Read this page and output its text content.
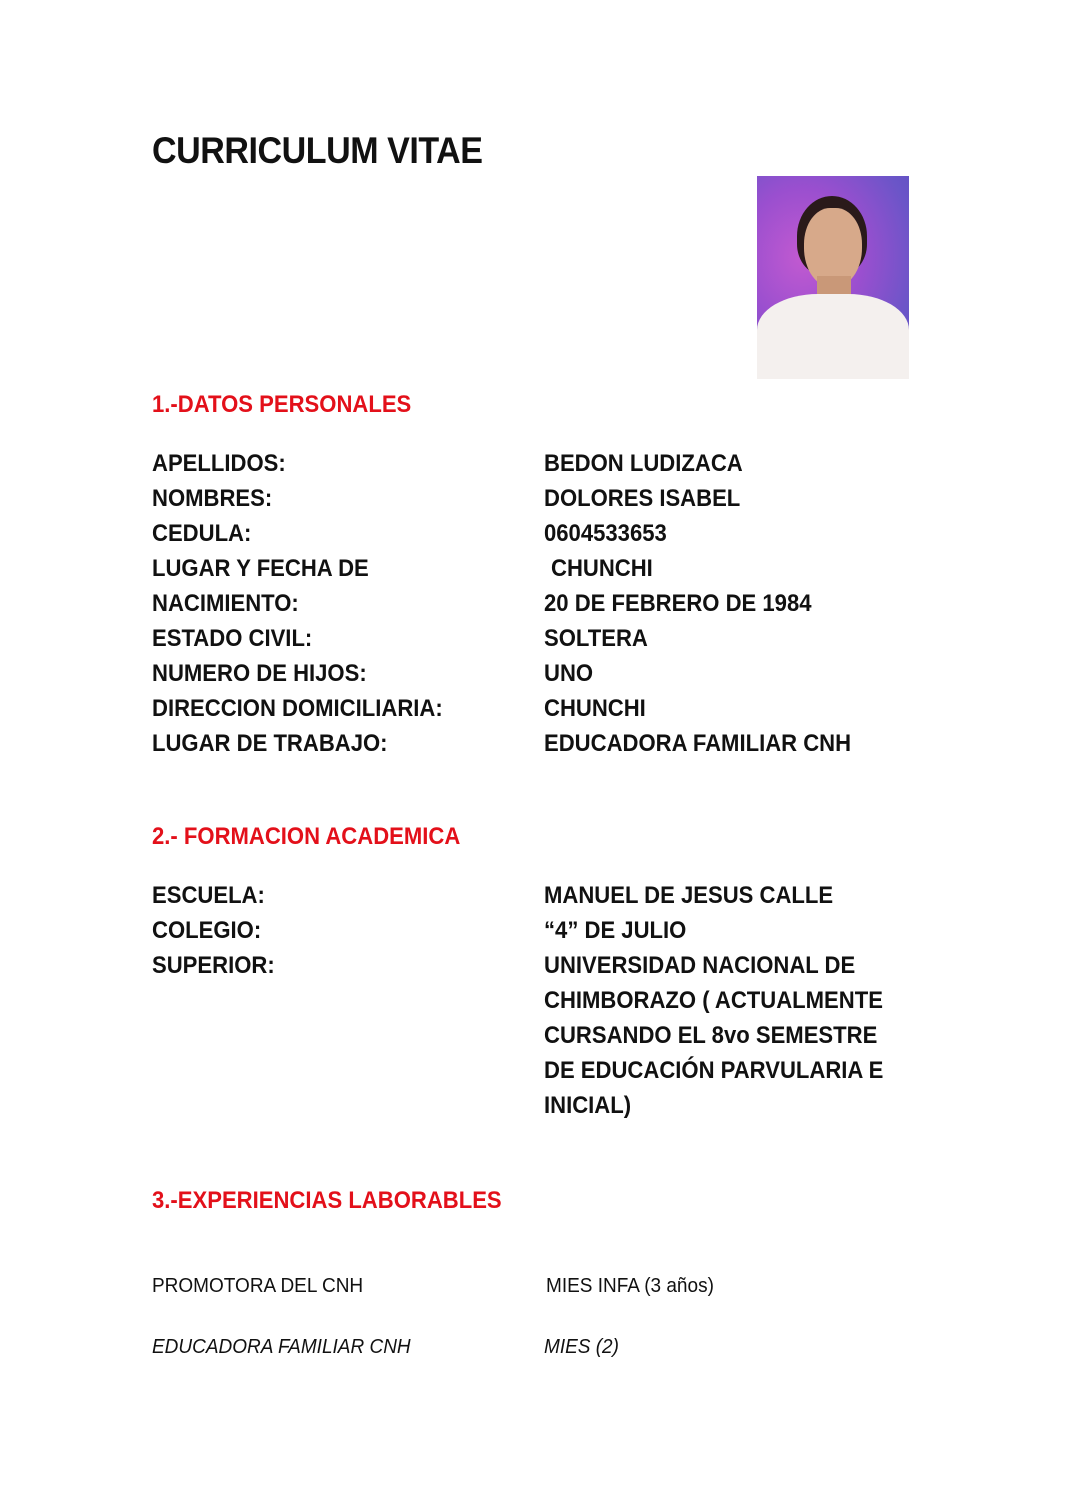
CURRICULUM VITAE
1.-DATOS PERSONALES
APELLIDOS:	BEDON LUDIZACA
NOMBRES:	DOLORES ISABEL
CEDULA:	0604533653
LUGAR Y FECHA DE	CHUNCHI
NACIMIENTO:	20 DE FEBRERO DE 1984
ESTADO CIVIL:	SOLTERA
NUMERO DE HIJOS:	UNO
DIRECCION DOMICILIARIA:	CHUNCHI
LUGAR DE TRABAJO:	EDUCADORA FAMILIAR CNH
2.- FORMACION ACADEMICA
ESCUELA:	MANUEL DE JESUS CALLE
COLEGIO:	“4” DE JULIO
SUPERIOR:	UNIVERSIDAD NACIONAL DE
CHIMBORAZO ( ACTUALMENTE
CURSANDO EL 8vo SEMESTRE
DE EDUCACIÓN PARVULARIA E
INICIAL)
3.-EXPERIENCIAS LABORABLES
PROMOTORA DEL CNH	MIES INFA (3 años)
EDUCADORA FAMILIAR CNH	MIES (2)
